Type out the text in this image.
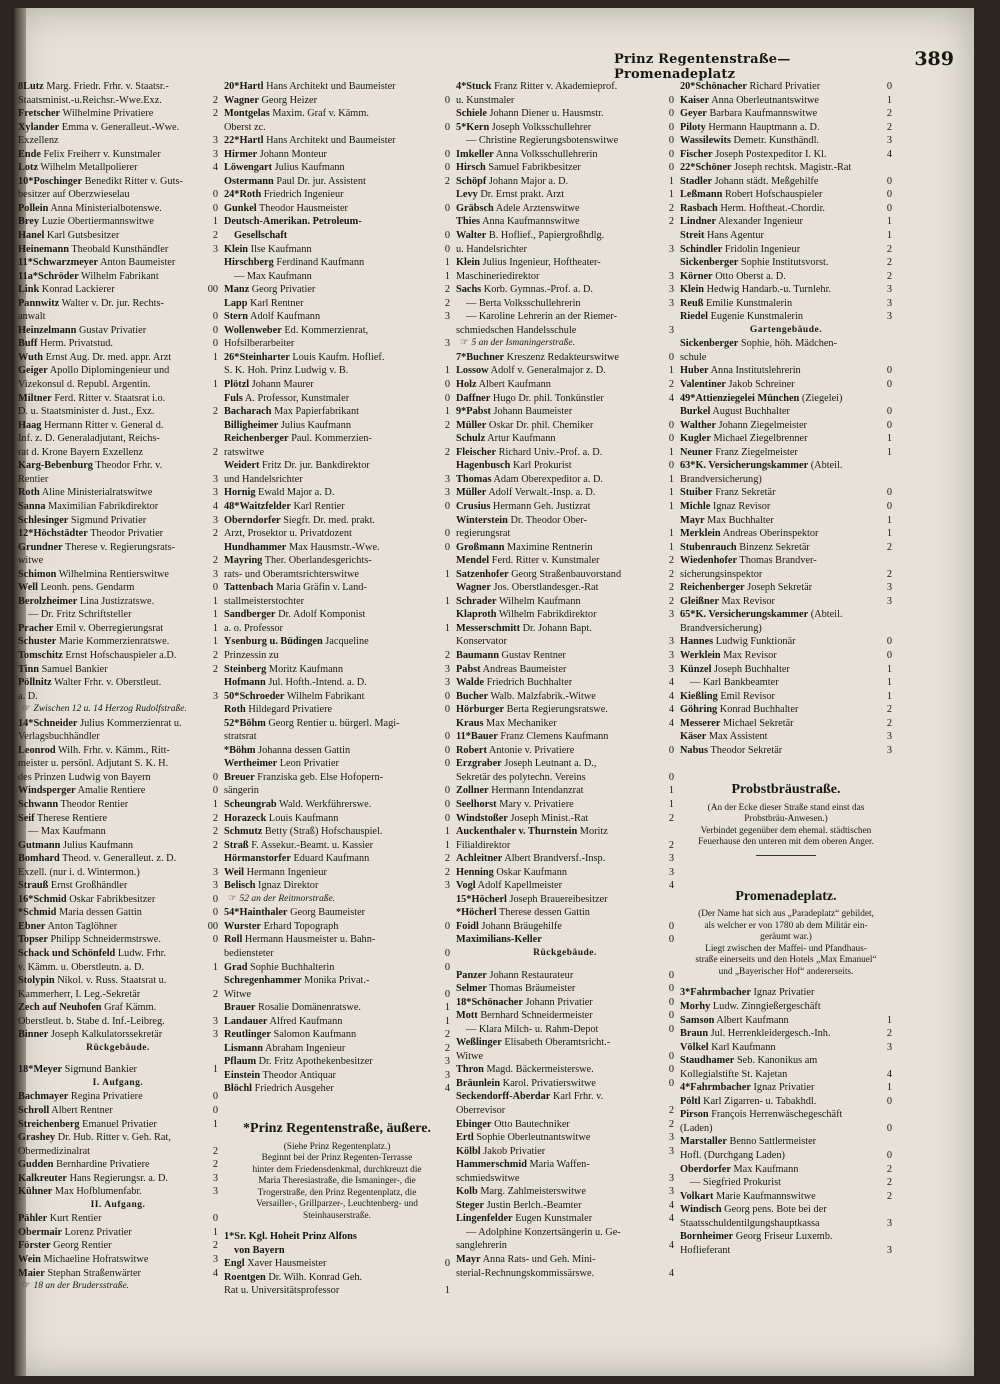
Prinz Regentenstraße—Promenadeplatz
389
8Lutz Marg. Friedr. Frhr. v. Staatsr.-
Staatsminist.-u.Reichsr.-Wwe.Exz.	2
Fretscher Wilhelmine Privatiere	2
Xylander Emma v. Generalleut.-Wwe.
Exzellenz	3
Ende Felix Freiherr v. Kunstmaler	3
Lotz Wilhelm Metallpolierer	4
10*Poschinger Benedikt Ritter v. Guts-
besitzer auf Oberzwieselau	0
Pollein Anna Ministerialbotenswe.	0
Brey Luzie Obertiermannswitwe	1
Hanel Karl Gutsbesitzer	2
Heinemann Theobald Kunsthändler	3
11*Schwarzmeyer Anton Baumeister
11a*Schröder Wilhelm Fabrikant
Link Konrad Lackierer	00
Pannwitz Walter v. Dr. jur. Rechts-
anwalt	0
Heinzelmann Gustav Privatier	0
Buff Herm. Privatstud.	0
Wuth Ernst Aug. Dr. med. appr. Arzt	1
Geiger Apollo Diplomingenieur und
Vizekonsul d. Republ. Argentin.	1
Miltner Ferd. Ritter v. Staatsrat i.o.
D. u. Staatsminister d. Just., Exz.	2
Haag Hermann Ritter v. General d.
Inf. z. D. Generaladjutant, Reichs-
rat d. Krone Bayern Exzellenz	2
Karg-Bebenburg Theodor Frhr. v.
Rentier	3
Roth Aline Ministerialratswitwe	3
Sanna Maximilian Fabrikdirektor	4
Schlesinger Sigmund Privatier	3
12*Höchstädter Theodor Privatier	2
Grundner Therese v. Regierungsrats-
witwe	2
Schimon Wilhelmina Rentierswitwe	3
Well Leonh. pens. Gendarm	0
Berolzheimer Lina Justizratswe.	1
— Dr. Fritz Schriftsteller	1
Pracher Emil v. Oberregierungsrat	1
Schuster Marie Kommerzienratswe.	1
Tomschitz Ernst Hofschauspieler a.D.	2
Tinn Samuel Bankier	2
Pöllnitz Walter Frhr. v. Oberstleut.
a. D.	3
☞ Zwischen 12 u. 14 Herzog Rudolfstraße.
14*Schneider Julius Kommerzienrat u.
Verlagsbuchhändler
Leonrod Wilh. Frhr. v. Kämm., Ritt-
meister u. persönl. Adjutant S. K. H.
des Prinzen Ludwig von Bayern	0
Windsperger Amalie Rentiere	0
Schwann Theodor Rentier	1
Seif Therese Rentiere	2
— Max Kaufmann	2
Gutmann Julius Kaufmann	2
Bomhard Theod. v. Generalleut. z. D.
Exzell. (nur i. d. Wintermon.)	3
Strauß Ernst Großhändler	3
16*Schmid Oskar Fabrikbesitzer	0
*Schmid Maria dessen Gattin	0
Ebner Anton Taglöhner	00
Topser Philipp Schneidermstrswe.	0
Schack und Schönfeld Ludw. Frhr.
v. Kämm. u. Oberstleutn. a. D.	1
Stolypin Nikol. v. Russ. Staatsrat u.
Kammerherr, I. Leg.-Sekretär	2
Zech auf Neuhofen Graf Kämm.
Oberstleut. b. Stabe d. Inf.-Leibreg.	3
Binner Joseph Kalkulatorssekretär	3
Rückgebäude.
18*Meyer Sigmund Bankier	1
I. Aufgang.
Bachmayer Regina Privatiere	0
Schroll Albert Rentner	0
Streichenberg Emanuel Privatier	1
Grashey Dr. Hub. Ritter v. Geh. Rat,
Obermedizinalrat	2
Gudden Bernhardine Privatiere	2
Kalkreuter Hans Regierungsr. a. D.	3
Kühner Max Hofblumenfabr.	3
II. Aufgang.
Pähler Kurt Rentier	0
Obermair Lorenz Privatier	1
Förster Georg Rentier	2
Wein Michaeline Hofratswitwe	3
Maier Stephan Straßenwärter	4
☞ 18 an der Brudersstraße.
20*Hartl Hans Architekt und Baumeister
Wagner Georg Heizer	0
Montgelas Maxim. Graf v. Kämm.
Oberst zc.	0
22*Hartl Hans Architekt und Baumeister
Hirmer Johann Monteur	0
Löwengart Julius Kaufmann	0
Ostermann Paul Dr. jur. Assistent	2
24*Roth Friedrich Ingenieur
Gunkel Theodor Hausmeister	0
Deutsch-Amerikan. Petroleum-
Gesellschaft	0
Klein Ilse Kaufmann	0
Hirschberg Ferdinand Kaufmann	1
— Max Kaufmann	1
Manz Georg Privatier	2
Lapp Karl Rentner	2
Stern Adolf Kaufmann	3
Wollenweber Ed. Kommerzienrat,
Hofsilberarbeiter	3
26*Steinharter Louis Kaufm. Hoflief.
S. K. Hoh. Prinz Ludwig v. B.	1
Plötzl Johann Maurer	0
Fuls A. Professor, Kunstmaler	0
Bacharach Max Papierfabrikant	1
Billigheimer Julius Kaufmann	2
Reichenberger Paul. Kommerzien-
ratswitwe	2
Weidert Fritz Dr. jur. Bankdirektor
und Handelsrichter	3
Hornig Ewald Major a. D.	3
48*Waitzfelder Karl Rentier	0
Oberndorfer Siegfr. Dr. med. prakt.
Arzt, Prosektor u. Privatdozent	0
Hundhammer Max Hausmstr.-Wwe.	0
Mayring Ther. Oberlandesgerichts-
rats- und Oberamtsrichterswitwe	1
Tattenbach Maria Gräfin v. Land-
stallmeisterstochter	1
Sandberger Dr. Adolf Komponist
a. o. Professor	1
Ysenburg u. Büdingen Jacqueline
Prinzessin zu	2
Steinberg Moritz Kaufmann	3
Hofmann Jul. Hofth.-Intend. a. D.	3
50*Schroeder Wilhelm Fabrikant	0
Roth Hildegard Privatiere	0
52*Böhm Georg Rentier u. bürgerl. Magi-
stratsrat	0
*Böhm Johanna dessen Gattin	0
Wertheimer Leon Privatier	0
Breuer Franziska geb. Else Hofopern-
sängerin	0
Scheungrab Wald. Werkführerswe.	0
Horazeck Louis Kaufmann	0
Schmutz Betty (Straß) Hofschauspiel.	1
Straß F. Assekur.-Beamt. u. Kassier	1
Hörmanstorfer Eduard Kaufmann	2
Weil Hermann Ingenieur	2
Belisch Ignaz Direktor	3
☞ 52 an der Reitmorstraße.
54*Hainthaler Georg Baumeister
Wurster Erhard Topograph	0
Roll Hermann Hausmeister u. Bahn-
bediensteter	0
Grad Sophie Buchhalterin	0
Schregenhammer Monika Privat.-
Witwe	0
Brauer Rosalie Domänenratswe.	1
Landauer Alfred Kaufmann	1
Reutlinger Salomon Kaufmann	2
Lismann Abraham Ingenieur	2
Pflaum Dr. Fritz Apothekenbesitzer	3
Einstein Theodor Antiquar	3
Blöchl Friedrich Ausgeher	4
*Prinz Regentenstraße, äußere.
(Siehe Prinz Regentenplatz.)
Beginnt bei der Prinz Regenten-Terrasse
hinter dem Friedensdenkmal, durchkreuzt die
Maria Theresiastraße, die Ismaninger-, die
Trogerstraße, den Prinz Regentenplatz, die
Versailler-, Grillparzer-, Leuchtenberg- und
Steinhauserstraße.
1*Sr. Kgl. Hoheit Prinz Alfons
von Bayern
Engl Xaver Hausmeister	0
Roentgen Dr. Wilh. Konrad Geh.
Rat u. Universitätsprofessor	1
4*Stuck Franz Ritter v. Akademieprof.
u. Kunstmaler	0
Schiele Johann Diener u. Hausmstr.	0
5*Kern Joseph Volksschullehrer	0
— Christine Regierungsbotenswitwe	0
Imkeller Anna Volksschullehrerin	0
Hirsch Samuel Fabrikbesitzer	0
Schöpf Johann Major a. D.	1
Levy Dr. Ernst prakt. Arzt	1
Gräbsch Adele Arztenswitwe	2
Thies Anna Kaufmannswitwe	2
Walter B. Hoflief., Papiergroßhdlg.
u. Handelsrichter	3
Klein Julius Ingenieur, Hoftheater-
Maschineriedirektor	3
Sachs Korb. Gymnas.-Prof. a. D.	3
— Berta Volksschullehrerin	3
— Karoline Lehrerin an der Riemer-
schmiedschen Handelsschule	3
☞ 5 an der Ismaningerstraße.
7*Buchner Kreszenz Redakteurswitwe	0
Lossow Adolf v. Generalmajor z. D.	1
Holz Albert Kaufmann	2
Daffner Hugo Dr. phil. Tonkünstler	4
9*Pabst Johann Baumeister
Müller Oskar Dr. phil. Chemiker	0
Schulz Artur Kaufmann	0
Fleischer Richard Univ.-Prof. a. D.	1
Hagenbusch Karl Prokurist	0
Thomas Adam Oberexpeditor a. D.	1
Müller Adolf Verwalt.-Insp. a. D.	1
Crusius Hermann Geh. Justizrat	1
Winterstein Dr. Theodor Ober-
regierungsrat	1
Großmann Maximine Rentnerin	1
Mendel Ferd. Ritter v. Kunstmaler	2
Satzenhofer Georg Straßenbauvorstand	2
Wagner Jos. Oberstlandesger.-Rat	2
Schrader Wilhelm Kaufmann	2
Klaproth Wilhelm Fabrikdirektor	3
Messerschmitt Dr. Johann Bapt.
Konservator	3
Baumann Gustav Rentner	3
Pabst Andreas Baumeister	3
Walde Friedrich Buchhalter	4
Bucher Walb. Malzfabrik.-Witwe	4
Hörburger Berta Regierungsratswe.	4
Kraus Max Mechaniker	4
11*Bauer Franz Clemens Kaufmann
Robert Antonie v. Privatiere	0
Erzgraber Joseph Leutnant a. D.,
Sekretär des polytechn. Vereins	0
Zollner Hermann Intendanzrat	1
Seelhorst Mary v. Privatiere	1
Windstoßer Joseph Minist.-Rat	2
Auckenthaler v. Thurnstein Moritz
Filialdirektor	2
Achleitner Albert Brandversf.-Insp.	3
Henning Oskar Kaufmann	3
Vogl Adolf Kapellmeister	4
15*Höcherl Joseph Brauereibesitzer
*Höcherl Therese dessen Gattin
Foidl Johann Bräugehilfe	0
Maximilians-Keller	0
Rückgebäude.
Panzer Johann Restaurateur	0
Selmer Thomas Bräumeister	0
18*Schönacher Johann Privatier	0
Mott Bernhard Schneidermeister	0
— Klara Milch- u. Rahm-Depot	0
Weßlinger Elisabeth Oberamtsricht.-
Witwe	0
Thron Magd. Bäckermeisterswe.	0
Bräunlein Karol. Privatierswitwe	0
Seckendorff-Aberdar Karl Frhr. v.
Oberrevisor	2
Ebinger Otto Bautechniker	2
Ertl Sophie Oberleutnantswitwe	3
Kölbl Jakob Privatier	3
Hammerschmid Maria Waffen-
schmiedswitwe	3
Kolb Marg. Zahlmeisterswitwe	3
Steger Justin Berlch.-Beamter	4
Lingenfelder Eugen Kunstmaler	4
— Adolphine Konzertsängerin u. Ge-
sanglehrerin	4
Mayr Anna Rats- und Geh. Mini-
sterial-Rechnungskommissärswe.	4
20*Schönacher Richard Privatier	0
Kaiser Anna Oberleutnantswitwe	1
Geyer Barbara Kaufmannswitwe	2
Piloty Hermann Hauptmann a. D.	2
Wassilewits Demetr. Kunsthändl.	3
Fischer Joseph Postexpeditor I. Kl.	4
22*Schöner Joseph rechtsk. Magistr.-Rat
Stadler Johann städt. Meßgehilfe	0
Leßmann Robert Hofschauspieler	0
Rasbach Herm. Hoftheat.-Chordir.	0
Lindner Alexander Ingenieur	1
Streit Hans Agentur	1
Schindler Fridolin Ingenieur	2
Sickenberger Sophie Institutsvorst.	2
Körner Otto Oberst a. D.	2
Klein Hedwig Handarb.-u. Turnlehr.	3
Reuß Emilie Kunstmalerin	3
Riedel Eugenie Kunstmalerin	3
Gartengebäude.
Sickenberger Sophie, höh. Mädchen-
schule
Huber Anna Institutslehrerin	0
Valentiner Jakob Schreiner	0
49*Attienziegelei München (Ziegelei)
Burkel August Buchhalter	0
Walther Johann Ziegelmeister	0
Kugler Michael Ziegelbrenner	1
Neuner Franz Ziegelmeister	1
63*K. Versicherungskammer (Abteil.
Brandversicherung)
Stuiber Franz Sekretär	0
Michle Ignaz Revisor	0
Mayr Max Buchhalter	1
Merklein Andreas Oberinspektor	1
Stubenrauch Binzenz Sekretär	2
Wiedenhofer Thomas Brandver-
sicherungsinspektor	2
Reichenberger Joseph Sekretär	3
Gleißner Max Revisor	3
65*K. Versicherungskammer (Abteil.
Brandversicherung)
Hannes Ludwig Funktionär	0
Werklein Max Revisor	0
Künzel Joseph Buchhalter	1
— Karl Bankbeamter	1
Kießling Emil Revisor	1
Göhring Konrad Buchhalter	2
Messerer Michael Sekretär	2
Käser Max Assistent	3
Nabus Theodor Sekretär	3
Probstbräustraße.
(An der Ecke dieser Straße stand einst das
Probstbräu-Anwesen.)
Verbindet gegenüber dem ehemal. städtischen
Feuerhause den unteren mit dem oberen Anger.
Promenadeplatz.
(Der Name hat sich aus „Paradeplatz“ gebildet,
als welcher er von 1780 ab dem Militär ein-
geräumt war.)
Liegt zwischen der Maffei- und Pfandhaus-
straße einerseits und den Hotels „Max Emanuel“
und „Bayerischer Hof“ andererseits.
3*Fahrmbacher Ignaz Privatier
Morhy Ludw. Zinngießergeschäft
Samson Albert Kaufmann	1
Braun Jul. Herrenkleidergesch.-Inh.	2
Völkel Karl Kaufmann	3
Staudhamer Seb. Kanonikus am
Kollegialstifte St. Kajetan	4
4*Fahrmbacher Ignaz Privatier	1
Pöltl Karl Zigarren- u. Tabakhdl.	0
Pirson François Herrenwäschegeschäft
(Laden)	0
Marstaller Benno Sattlermeister
Hofl. (Durchgang Laden)	0
Oberdorfer Max Kaufmann	2
— Siegfried Prokurist	2
Volkart Marie Kaufmannswitwe	2
Windisch Georg pens. Bote bei der
Staatsschuldentilgungshauptkassa	3
Bornheimer Georg Friseur Luxemb.
Hoflieferant	3
